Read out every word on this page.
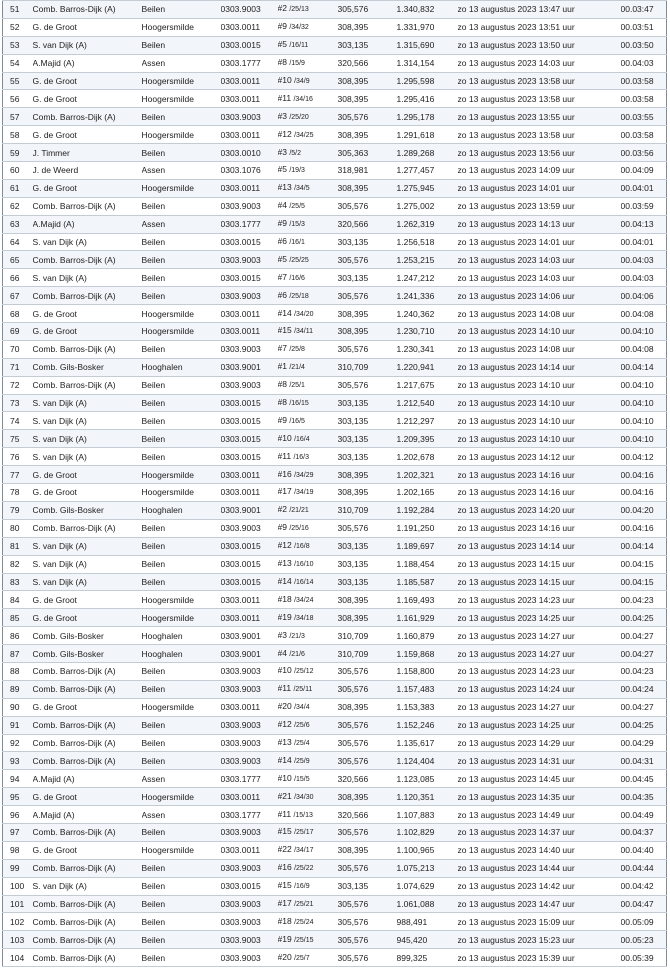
51	Comb. Barros-Dijk (A)	Beilen	0303.9003	#2 /25/13	305,576	1.340,832	zo 13 augustus 2023 13:47 uur	00.03:47
52	G. de Groot	Hoogersmilde	0303.0011	#9 /34/32	308,395	1.331,970	zo 13 augustus 2023 13:51 uur	00.03:51
53	S. van Dijk (A)	Beilen	0303.0015	#5 /16/11	303,135	1.315,690	zo 13 augustus 2023 13:50 uur	00.03:50
54	A.Majid (A)	Assen	0303.1777	#8 /15/9	320,566	1.314,154	zo 13 augustus 2023 14:03 uur	00.04:03
55	G. de Groot	Hoogersmilde	0303.0011	#10 /34/9	308,395	1.295,598	zo 13 augustus 2023 13:58 uur	00.03:58
56	G. de Groot	Hoogersmilde	0303.0011	#11 /34/16	308,395	1.295,416	zo 13 augustus 2023 13:58 uur	00.03:58
57	Comb. Barros-Dijk (A)	Beilen	0303.9003	#3 /25/20	305,576	1.295,178	zo 13 augustus 2023 13:55 uur	00.03:55
58	G. de Groot	Hoogersmilde	0303.0011	#12 /34/25	308,395	1.291,618	zo 13 augustus 2023 13:58 uur	00.03:58
59	J. Timmer	Beilen	0303.0010	#3 /5/2	305,363	1.289,268	zo 13 augustus 2023 13:56 uur	00.03:56
60	J. de Weerd	Assen	0303.1076	#5 /19/3	318,981	1.277,457	zo 13 augustus 2023 14:09 uur	00.04:09
61	G. de Groot	Hoogersmilde	0303.0011	#13 /34/5	308,395	1.275,945	zo 13 augustus 2023 14:01 uur	00.04:01
62	Comb. Barros-Dijk (A)	Beilen	0303.9003	#4 /25/5	305,576	1.275,002	zo 13 augustus 2023 13:59 uur	00.03:59
63	A.Majid (A)	Assen	0303.1777	#9 /15/3	320,566	1.262,319	zo 13 augustus 2023 14:13 uur	00.04:13
64	S. van Dijk (A)	Beilen	0303.0015	#6 /16/1	303,135	1.256,518	zo 13 augustus 2023 14:01 uur	00.04:01
65	Comb. Barros-Dijk (A)	Beilen	0303.9003	#5 /25/25	305,576	1.253,215	zo 13 augustus 2023 14:03 uur	00.04:03
66	S. van Dijk (A)	Beilen	0303.0015	#7 /16/6	303,135	1.247,212	zo 13 augustus 2023 14:03 uur	00.04:03
67	Comb. Barros-Dijk (A)	Beilen	0303.9003	#6 /25/18	305,576	1.241,336	zo 13 augustus 2023 14:06 uur	00.04:06
68	G. de Groot	Hoogersmilde	0303.0011	#14 /34/20	308,395	1.240,362	zo 13 augustus 2023 14:08 uur	00.04:08
69	G. de Groot	Hoogersmilde	0303.0011	#15 /34/11	308,395	1.230,710	zo 13 augustus 2023 14:10 uur	00.04:10
70	Comb. Barros-Dijk (A)	Beilen	0303.9003	#7 /25/8	305,576	1.230,341	zo 13 augustus 2023 14:08 uur	00.04:08
71	Comb. Gils-Bosker	Hooghalen	0303.9001	#1 /21/4	310,709	1.220,941	zo 13 augustus 2023 14:14 uur	00.04:14
72	Comb. Barros-Dijk (A)	Beilen	0303.9003	#8 /25/1	305,576	1.217,675	zo 13 augustus 2023 14:10 uur	00.04:10
73	S. van Dijk (A)	Beilen	0303.0015	#8 /16/15	303,135	1.212,540	zo 13 augustus 2023 14:10 uur	00.04:10
74	S. van Dijk (A)	Beilen	0303.0015	#9 /16/5	303,135	1.212,297	zo 13 augustus 2023 14:10 uur	00.04:10
75	S. van Dijk (A)	Beilen	0303.0015	#10 /16/4	303,135	1.209,395	zo 13 augustus 2023 14:10 uur	00.04:10
76	S. van Dijk (A)	Beilen	0303.0015	#11 /16/3	303,135	1.202,678	zo 13 augustus 2023 14:12 uur	00.04:12
77	G. de Groot	Hoogersmilde	0303.0011	#16 /34/29	308,395	1.202,321	zo 13 augustus 2023 14:16 uur	00.04:16
78	G. de Groot	Hoogersmilde	0303.0011	#17 /34/19	308,395	1.202,165	zo 13 augustus 2023 14:16 uur	00.04:16
79	Comb. Gils-Bosker	Hooghalen	0303.9001	#2 /21/21	310,709	1.192,284	zo 13 augustus 2023 14:20 uur	00.04:20
80	Comb. Barros-Dijk (A)	Beilen	0303.9003	#9 /25/16	305,576	1.191,250	zo 13 augustus 2023 14:16 uur	00.04:16
81	S. van Dijk (A)	Beilen	0303.0015	#12 /16/8	303,135	1.189,697	zo 13 augustus 2023 14:14 uur	00.04:14
82	S. van Dijk (A)	Beilen	0303.0015	#13 /16/10	303,135	1.188,454	zo 13 augustus 2023 14:15 uur	00.04:15
83	S. van Dijk (A)	Beilen	0303.0015	#14 /16/14	303,135	1.185,587	zo 13 augustus 2023 14:15 uur	00.04:15
84	G. de Groot	Hoogersmilde	0303.0011	#18 /34/24	308,395	1.169,493	zo 13 augustus 2023 14:23 uur	00.04:23
85	G. de Groot	Hoogersmilde	0303.0011	#19 /34/18	308,395	1.161,929	zo 13 augustus 2023 14:25 uur	00.04:25
86	Comb. Gils-Bosker	Hooghalen	0303.9001	#3 /21/3	310,709	1.160,879	zo 13 augustus 2023 14:27 uur	00.04:27
87	Comb. Gils-Bosker	Hooghalen	0303.9001	#4 /21/6	310,709	1.159,868	zo 13 augustus 2023 14:27 uur	00.04:27
88	Comb. Barros-Dijk (A)	Beilen	0303.9003	#10 /25/12	305,576	1.158,800	zo 13 augustus 2023 14:23 uur	00.04:23
89	Comb. Barros-Dijk (A)	Beilen	0303.9003	#11 /25/11	305,576	1.157,483	zo 13 augustus 2023 14:24 uur	00.04:24
90	G. de Groot	Hoogersmilde	0303.0011	#20 /34/4	308,395	1.153,383	zo 13 augustus 2023 14:27 uur	00.04:27
91	Comb. Barros-Dijk (A)	Beilen	0303.9003	#12 /25/6	305,576	1.152,246	zo 13 augustus 2023 14:25 uur	00.04:25
92	Comb. Barros-Dijk (A)	Beilen	0303.9003	#13 /25/4	305,576	1.135,617	zo 13 augustus 2023 14:29 uur	00.04:29
93	Comb. Barros-Dijk (A)	Beilen	0303.9003	#14 /25/9	305,576	1.124,404	zo 13 augustus 2023 14:31 uur	00.04:31
94	A.Majid (A)	Assen	0303.1777	#10 /15/5	320,566	1.123,085	zo 13 augustus 2023 14:45 uur	00.04:45
95	G. de Groot	Hoogersmilde	0303.0011	#21 /34/30	308,395	1.120,351	zo 13 augustus 2023 14:35 uur	00.04:35
96	A.Majid (A)	Assen	0303.1777	#11 /15/13	320,566	1.107,883	zo 13 augustus 2023 14:49 uur	00.04:49
97	Comb. Barros-Dijk (A)	Beilen	0303.9003	#15 /25/17	305,576	1.102,829	zo 13 augustus 2023 14:37 uur	00.04:37
98	G. de Groot	Hoogersmilde	0303.0011	#22 /34/17	308,395	1.100,965	zo 13 augustus 2023 14:40 uur	00.04:40
99	Comb. Barros-Dijk (A)	Beilen	0303.9003	#16 /25/22	305,576	1.075,213	zo 13 augustus 2023 14:44 uur	00.04:44
100	S. van Dijk (A)	Beilen	0303.0015	#15 /16/9	303,135	1.074,629	zo 13 augustus 2023 14:42 uur	00.04:42
101	Comb. Barros-Dijk (A)	Beilen	0303.9003	#17 /25/21	305,576	1.061,088	zo 13 augustus 2023 14:47 uur	00.04:47
102	Comb. Barros-Dijk (A)	Beilen	0303.9003	#18 /25/24	305,576	988,491	zo 13 augustus 2023 15:09 uur	00.05:09
103	Comb. Barros-Dijk (A)	Beilen	0303.9003	#19 /25/15	305,576	945,420	zo 13 augustus 2023 15:23 uur	00.05:23
104	Comb. Barros-Dijk (A)	Beilen	0303.9003	#20 /25/7	305,576	899,325	zo 13 augustus 2023 15:39 uur	00.05:39
